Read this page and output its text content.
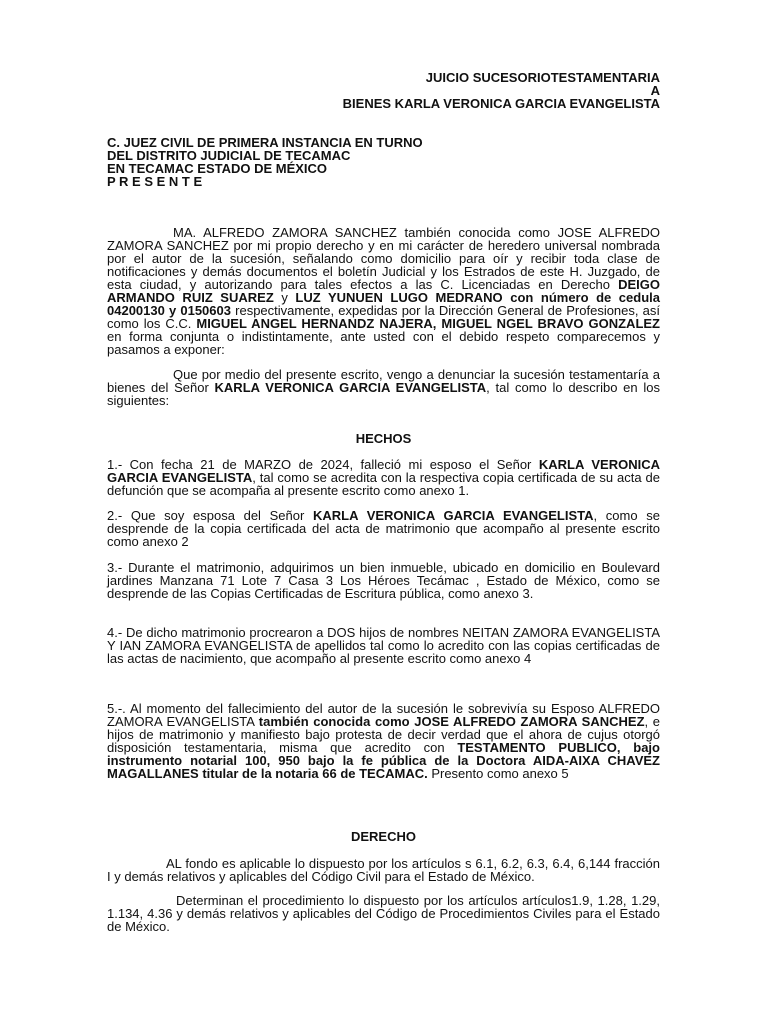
JUICIO SUCESORIOTESTAMENTARIA

A

BIENES KARLA VERONICA GARCIA EVANGELISTA

C. JUEZ CIVIL DE PRIMERA INSTANCIA EN TURNO

DEL DISTRITO JUDICIAL DE TECAMAC

EN TECAMAC ESTADO DE MÉXICO

P R E S E N T E

MA. ALFREDO ZAMORA SANCHEZ también conocida como JOSE ALFREDO ZAMORA SANCHEZ por mi propio derecho y en mi carácter de heredero universal nombrada por el autor de la sucesión, señalando como domicilio para oír y recibir toda clase de notificaciones y demás documentos el boletín Judicial y los Estrados de este H. Juzgado, de esta ciudad, y autorizando para tales efectos a las C. Licenciadas en Derecho DEIGO ARMANDO RUIZ SUAREZ y LUZ YUNUEN LUGO MEDRANO con número de cedula 04200130 y 0150603 respectivamente, expedidas por la Dirección General de Profesiones, así como los C.C. MIGUEL ANGEL HERNANDZ NAJERA, MIGUEL NGEL BRAVO GONZALEZ en forma conjunta o indistintamente, ante usted con el debido respeto comparecemos y pasamos a exponer:

Que por medio del presente escrito, vengo a denunciar la sucesión testamentaría a bienes del Señor KARLA VERONICA GARCIA EVANGELISTA, tal como lo describo en los siguientes:

HECHOS

1.- Con fecha 21 de MARZO de 2024, falleció mi esposo el Señor KARLA VERONICA GARCIA EVANGELISTA, tal como se acredita con la respectiva copia certificada de su acta de defunción que se acompaña al presente escrito como anexo 1.

2.- Que soy esposa del Señor KARLA VERONICA GARCIA EVANGELISTA, como se desprende de la copia certificada del acta de matrimonio que acompaño al presente escrito como anexo 2

3.- Durante el matrimonio, adquirimos un bien inmueble, ubicado en domicilio en Boulevard jardines Manzana 71 Lote 7 Casa 3 Los Héroes Tecámac , Estado de México, como se desprende de las Copias Certificadas de Escritura pública, como anexo 3.

4.- De dicho matrimonio procrearon a DOS hijos de nombres NEITAN ZAMORA EVANGELISTA Y IAN ZAMORA EVANGELISTA de apellidos tal como lo acredito con las copias certificadas de las actas de nacimiento, que acompaño al presente escrito como anexo 4

5.-. Al momento del fallecimiento del autor de la sucesión le sobrevivía su Esposo ALFREDO ZAMORA EVANGELISTA también conocida como JOSE ALFREDO ZAMORA SANCHEZ, e hijos de matrimonio y manifiesto bajo protesta de decir verdad que el ahora de cujus otorgó disposición testamentaria, misma que acredito con TESTAMENTO PUBLICO, bajo instrumento notarial 100, 950 bajo la fe pública de la Doctora AIDA-AIXA CHAVEZ MAGALLANES titular de la notaria 66 de TECAMAC. Presento como anexo 5

DERECHO

AL fondo es aplicable lo dispuesto por los artículos s 6.1, 6.2, 6.3, 6.4, 6,144 fracción I y demás relativos y aplicables del Código Civil para el Estado de México.

Determinan el procedimiento lo dispuesto por los artículos artículos1.9, 1.28, 1.29, 1.134, 4.36 y demás relativos y aplicables del Código de Procedimientos Civiles para el Estado de México.
